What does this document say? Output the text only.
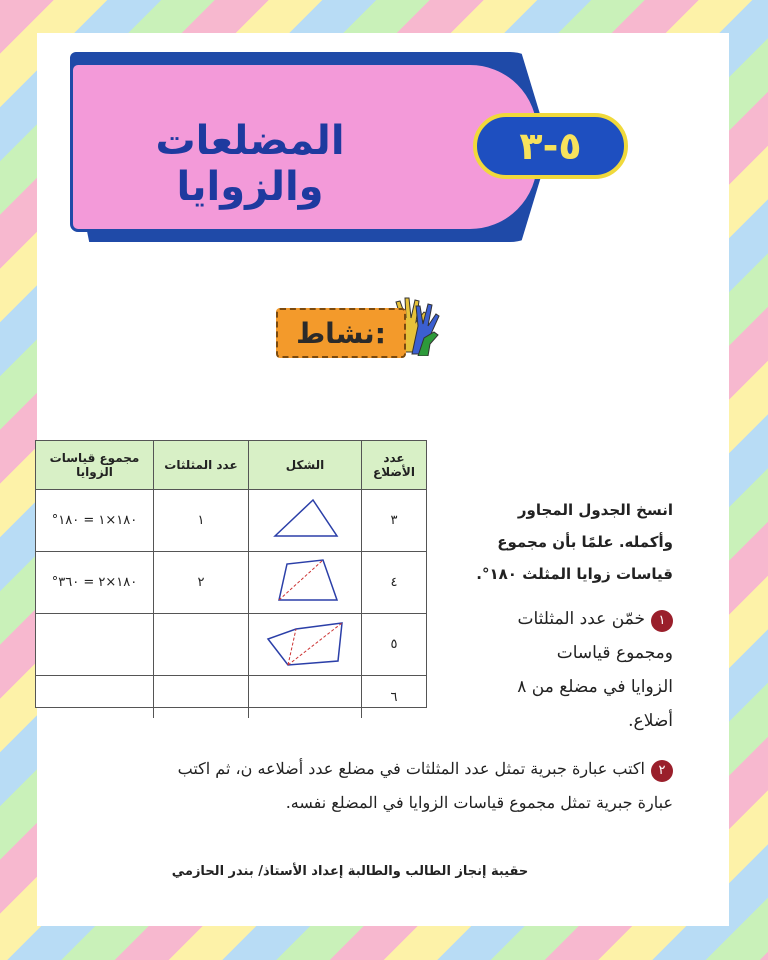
المضلعات والزوايا
٥-٣
نشاط:
عدد الأضلاع	الشكل	عدد المثلثات	مجموع قياسات الزوايا
٣		١	١٨٠×١ = ١٨٠°
٤		٢	١٨٠×٢ = ٣٦٠°
٥			
٦			
انسخ الجدول المجاور
وأكمله. علمًا بأن مجموع
قياسات زوايا المثلث ١٨٠°.
١خمّن عدد المثلثات
ومجموع قياسات
الزوايا في مضلع من ٨
أضلاع.
٢اكتب عبارة جبرية تمثل عدد المثلثات في مضلع عدد أضلاعه ن، ثم اكتب
عبارة جبرية تمثل مجموع قياسات الزوايا في المضلع نفسه.
حقيبة إنجاز الطالب والطالبة إعداد الأستاذ/ بندر الحازمي
